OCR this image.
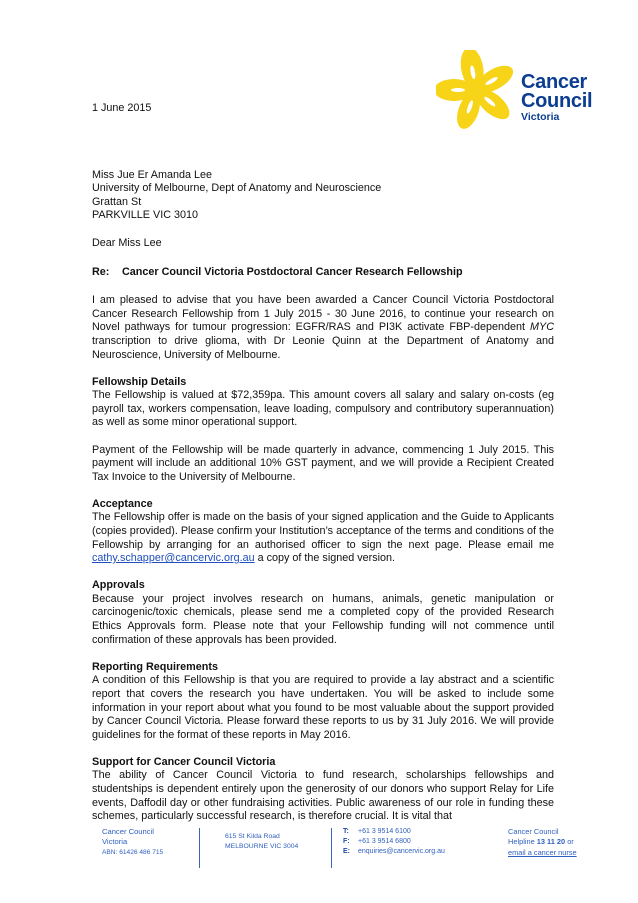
Cancer
Council
Victoria

1 June 2015

Miss Jue Er Amanda Lee

University of Melbourne, Dept of Anatomy and Neuroscience

Grattan St

PARKVILLE VIC 3010

Dear Miss Lee

Re: Cancer Council Victoria Postdoctoral Cancer Research Fellowship

I am pleased to advise that you have been awarded a Cancer Council Victoria Postdoctoral Cancer Research Fellowship from 1 July 2015 - 30 June 2016, to continue your research on Novel pathways for tumour progression: EGFR/RAS and PI3K activate FBP-dependent MYC transcription to drive glioma, with Dr Leonie Quinn at the Department of Anatomy and Neuroscience, University of Melbourne.

Fellowship Details
The Fellowship is valued at $72,359pa. This amount covers all salary and salary on-costs (eg payroll tax, workers compensation, leave loading, compulsory and contributory superannuation) as well as some minor operational support.

Payment of the Fellowship will be made quarterly in advance, commencing 1 July 2015. This payment will include an additional 10% GST payment, and we will provide a Recipient Created Tax Invoice to the University of Melbourne.

Acceptance
The Fellowship offer is made on the basis of your signed application and the Guide to Applicants (copies provided). Please confirm your Institution’s acceptance of the terms and conditions of the Fellowship by arranging for an authorised officer to sign the next page. Please email me cathy.schapper@cancervic.org.au a copy of the signed version.

Approvals
Because your project involves research on humans, animals, genetic manipulation or carcinogenic/toxic chemicals, please send me a completed copy of the provided Research Ethics Approvals form. Please note that your Fellowship funding will not commence until confirmation of these approvals has been provided.

Reporting Requirements
A condition of this Fellowship is that you are required to provide a lay abstract and a scientific report that covers the research you have undertaken. You will be asked to include some information in your report about what you found to be most valuable about the support provided by Cancer Council Victoria. Please forward these reports to us by 31 July 2016. We will provide guidelines for the format of these reports in May 2016.

Support for Cancer Council Victoria
The ability of Cancer Council Victoria to fund research, scholarships fellowships and studentships is dependent entirely upon the generosity of our donors who support Relay for Life events, Daffodil day or other fundraising activities. Public awareness of our role in funding these schemes, particularly successful research, is therefore crucial. It is vital that

Cancer Council
Victoria
ABN: 61426 486 715
615 St Kilda Road
MELBOURNE VIC 3004
T: +61 3 9514 6100
F: +61 3 9514 6800
E: enquiries@cancervic.org.au
Cancer Council
Helpline 13 11 20 or
email a cancer nurse
